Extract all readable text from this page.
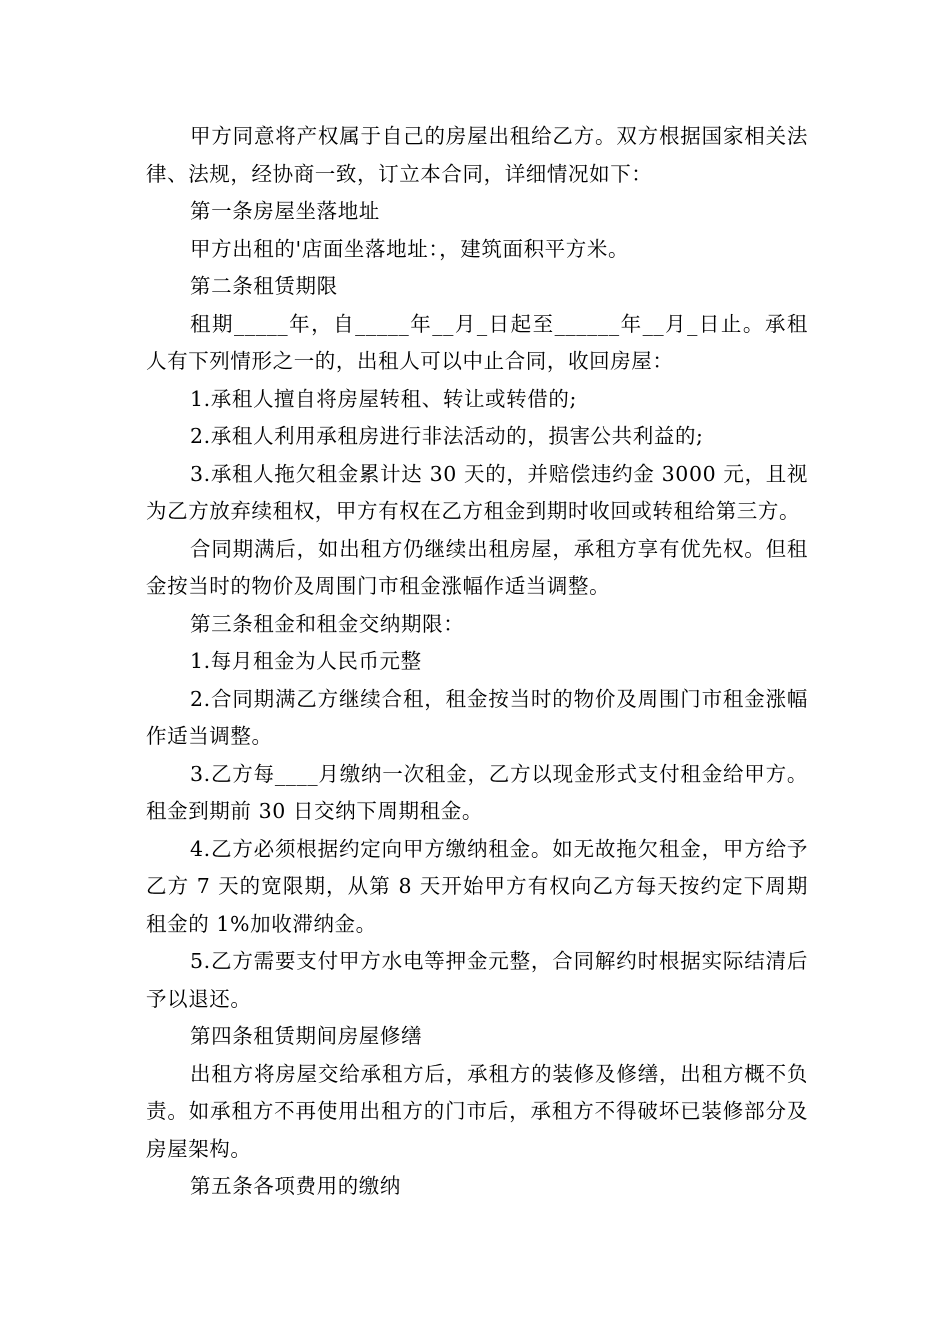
甲方同意将产权属于自己的房屋出租给乙方。双方根据国家相关法律、法规，经协商一致，订立本合同，详细情况如下：

第一条房屋坐落地址

甲方出租的'店面坐落地址：，建筑面积平方米。

第二条租赁期限

租期_____年，自_____年__月_日起至______年__月_日止。承租人有下列情形之一的，出租人可以中止合同，收回房屋：

1.承租人擅自将房屋转租、转让或转借的;

2.承租人利用承租房进行非法活动的，损害公共利益的;

3.承租人拖欠租金累计达 30 天的，并赔偿违约金 3000 元，且视为乙方放弃续租权，甲方有权在乙方租金到期时收回或转租给第三方。

合同期满后，如出租方仍继续出租房屋，承租方享有优先权。但租金按当时的物价及周围门市租金涨幅作适当调整。

第三条租金和租金交纳期限：

1.每月租金为人民币元整

2.合同期满乙方继续合租，租金按当时的物价及周围门市租金涨幅作适当调整。

3.乙方每____月缴纳一次租金，乙方以现金形式支付租金给甲方。租金到期前 30 日交纳下周期租金。

4.乙方必须根据约定向甲方缴纳租金。如无故拖欠租金，甲方给予乙方 7 天的宽限期，从第 8 天开始甲方有权向乙方每天按约定下周期租金的 1%加收滞纳金。

5.乙方需要支付甲方水电等押金元整，合同解约时根据实际结清后予以退还。

第四条租赁期间房屋修缮

出租方将房屋交给承租方后，承租方的装修及修缮，出租方概不负责。如承租方不再使用出租方的门市后，承租方不得破坏已装修部分及房屋架构。

第五条各项费用的缴纳
